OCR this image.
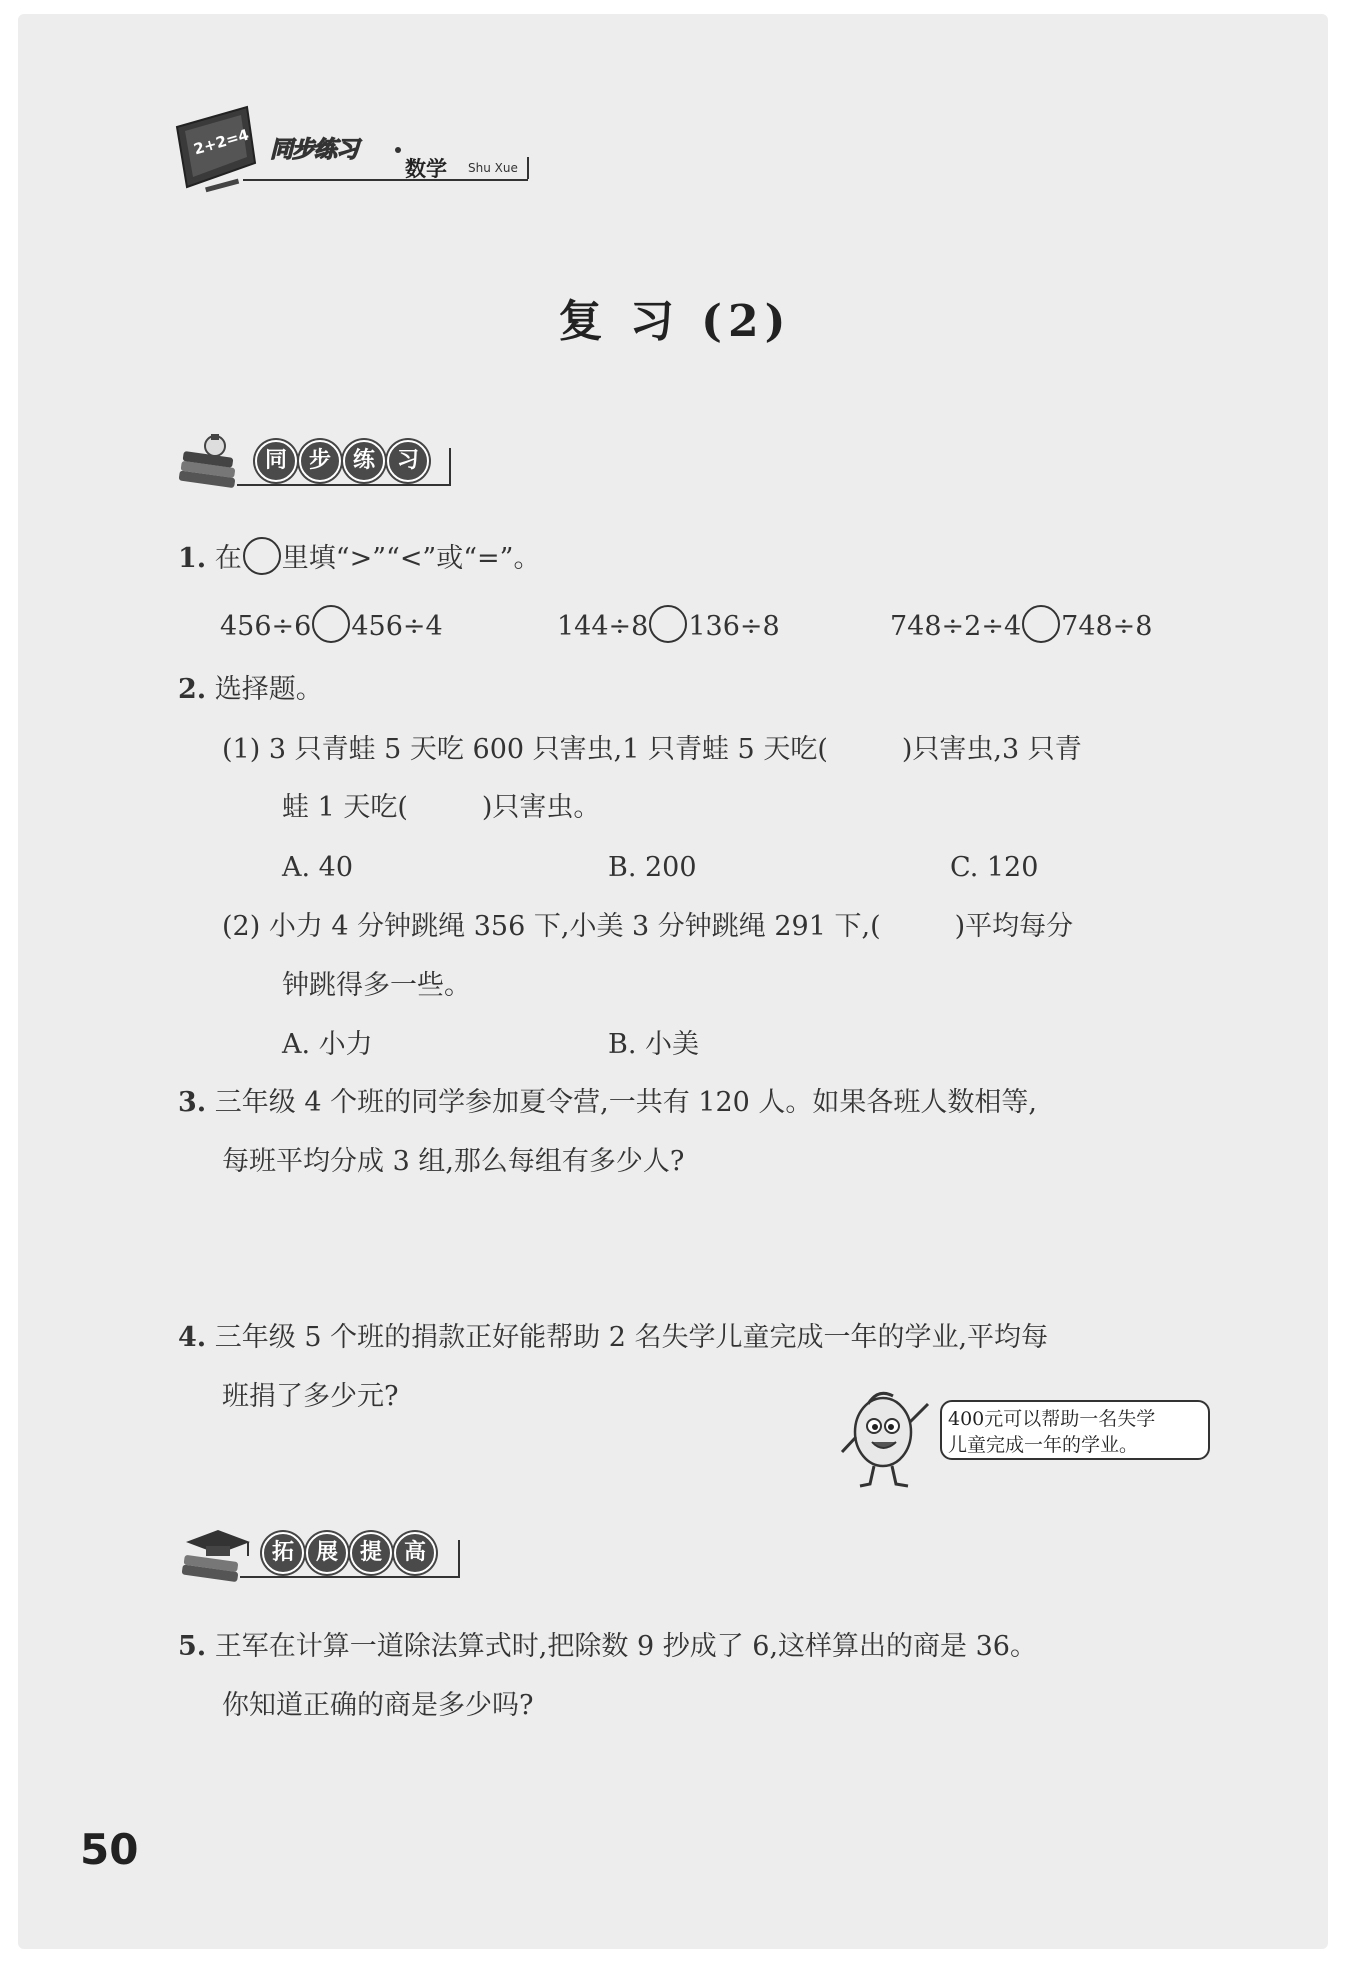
2+2=4 同步练习
数学 Shu Xue
复 习 (2)
同 步 练 习
1. 在 里填“>”“<”或“=”。
456÷6 456÷4	144÷8 136÷8	748÷2÷4 748÷8
2. 选择题。
(1) 3 只青蛙 5 天吃 600 只害虫,1 只青蛙 5 天吃(	)只害虫,3 只青
蛙 1 天吃(	)只害虫。
A. 40	B. 200	C. 120
(2) 小力 4 分钟跳绳 356 下,小美 3 分钟跳绳 291 下,(	)平均每分
钟跳得多一些。
A. 小力	B. 小美
3. 三年级 4 个班的同学参加夏令营,一共有 120 人。如果各班人数相等,
每班平均分成 3 组,那么每组有多少人?
4. 三年级 5 个班的捐款正好能帮助 2 名失学儿童完成一年的学业,平均每
班捐了多少元?
400元可以帮助一名失学
儿童完成一年的学业。
拓 展 提 高
5. 王军在计算一道除法算式时,把除数 9 抄成了 6,这样算出的商是 36。
你知道正确的商是多少吗?
50
